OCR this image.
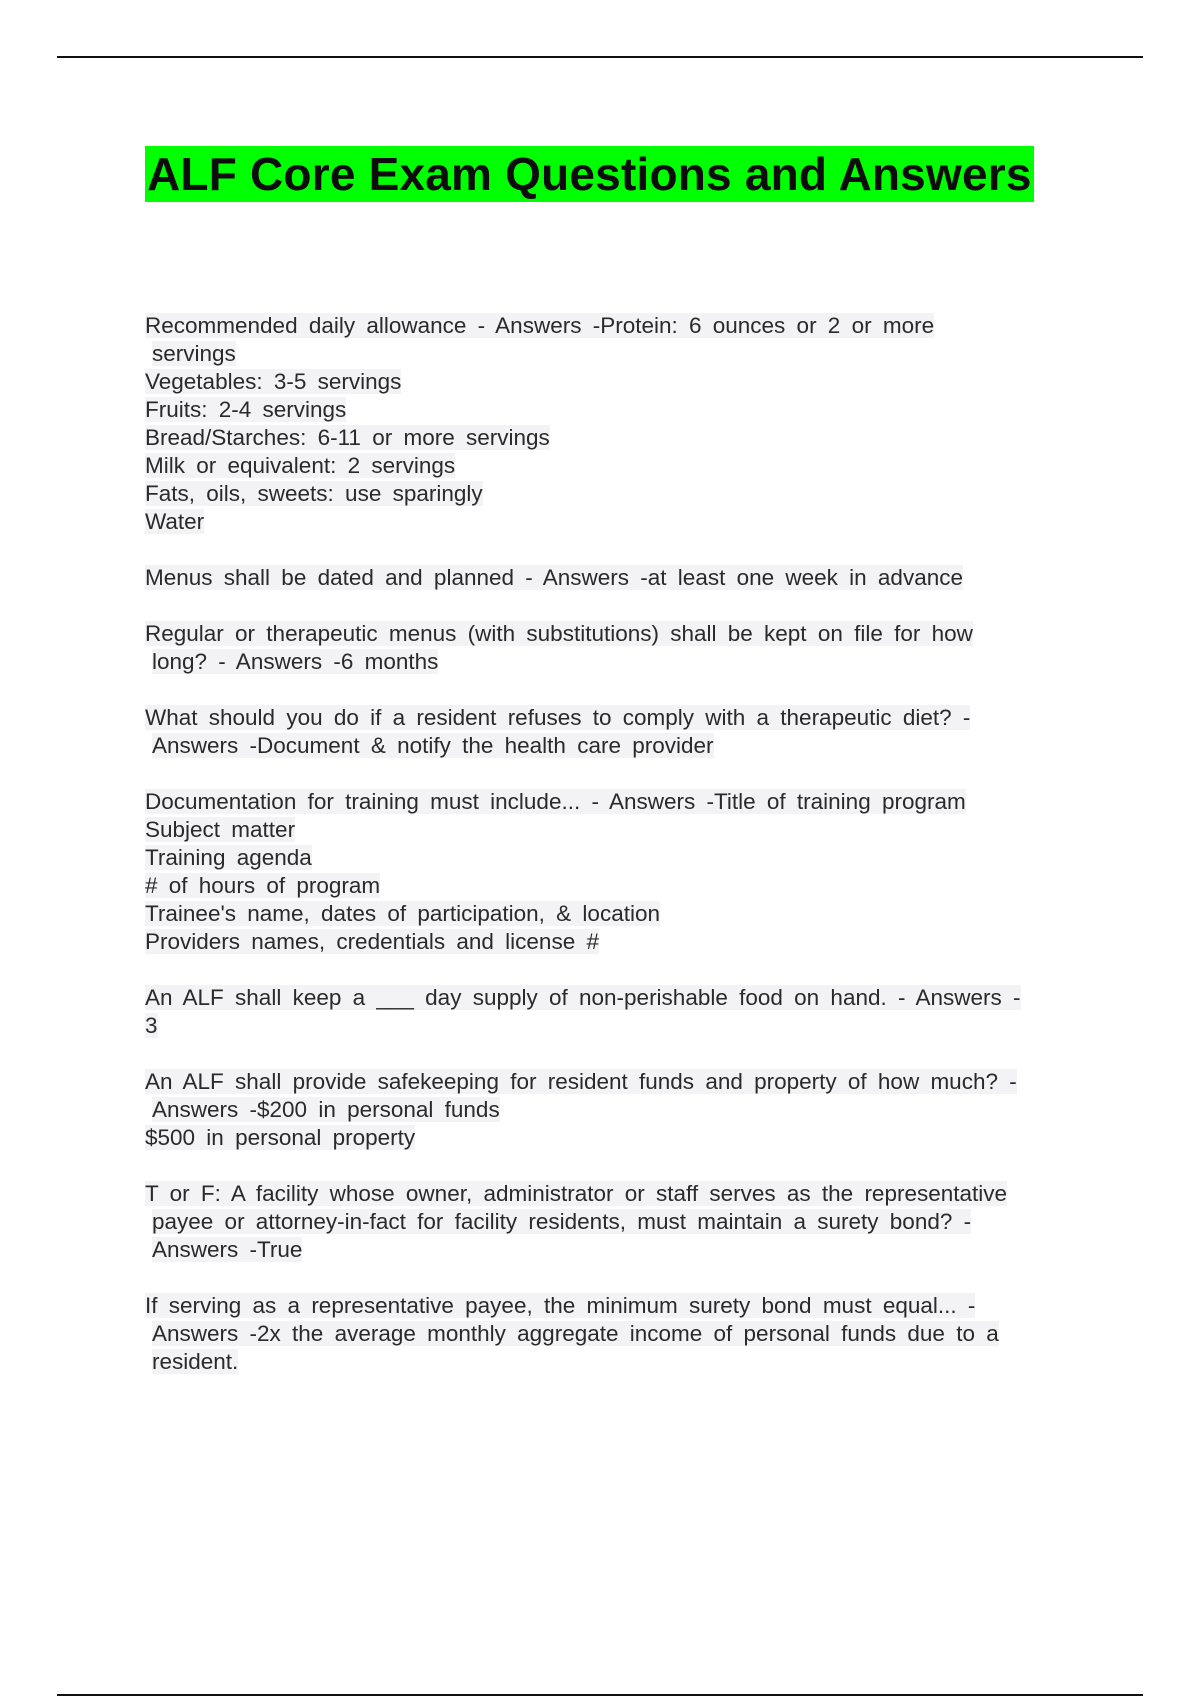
ALF Core Exam Questions and Answers
Recommended daily allowance - Answers -Protein: 6 ounces or 2 or more
servings
Vegetables: 3-5 servings
Fruits: 2-4 servings
Bread/Starches: 6-11 or more servings
Milk or equivalent: 2 servings
Fats, oils, sweets: use sparingly
Water
Menus shall be dated and planned - Answers -at least one week in advance
Regular or therapeutic menus (with substitutions) shall be kept on file for how
long? - Answers -6 months
What should you do if a resident refuses to comply with a therapeutic diet? -
Answers -Document & notify the health care provider
Documentation for training must include... - Answers -Title of training program
Subject matter
Training agenda
# of hours of program
Trainee's name, dates of participation, & location
Providers names, credentials and license #
An ALF shall keep a ___ day supply of non-perishable food on hand. - Answers -
3
An ALF shall provide safekeeping for resident funds and property of how much? -
Answers -$200 in personal funds
$500 in personal property
T or F: A facility whose owner, administrator or staff serves as the representative
payee or attorney-in-fact for facility residents, must maintain a surety bond? -
Answers -True
If serving as a representative payee, the minimum surety bond must equal... -
Answers -2x the average monthly aggregate income of personal funds due to a
resident.
